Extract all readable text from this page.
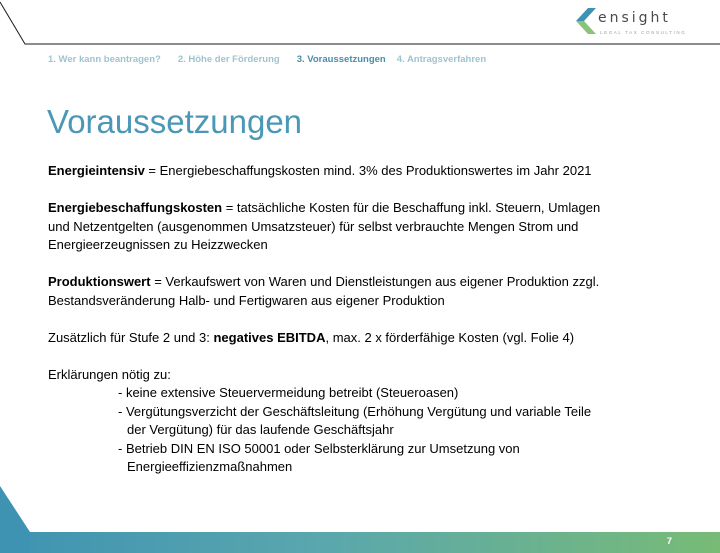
ensight
LEGAL TAX CONSULTING
1. Wer kann beantragen? 2. Höhe der Förderung 3. Voraussetzungen 4. Antragsverfahren
Voraussetzungen
Energieintensiv = Energiebeschaffungskosten mind. 3% des Produktionswertes im Jahr 2021
Energiebeschaffungskosten = tatsächliche Kosten für die Beschaffung inkl. Steuern, Umlagen
und Netzentgelten (ausgenommen Umsatzsteuer) für selbst verbrauchte Mengen Strom und
Energieerzeugnissen zu Heizzwecken
Produktionswert = Verkaufswert von Waren und Dienstleistungen aus eigener Produktion zzgl.
Bestandsveränderung Halb- und Fertigwaren aus eigener Produktion
Zusätzlich für Stufe 2 und 3: negatives EBITDA, max. 2 x förderfähige Kosten (vgl. Folie 4)
Erklärungen nötig zu:
- keine extensive Steuervermeidung betreibt (Steueroasen)
- Vergütungsverzicht der Geschäftsleitung (Erhöhung Vergütung und variable Teile
der Vergütung) für das laufende Geschäftsjahr
- Betrieb DIN EN ISO 50001 oder Selbsterklärung zur Umsetzung von
Energieeffizienzmaßnahmen
7
